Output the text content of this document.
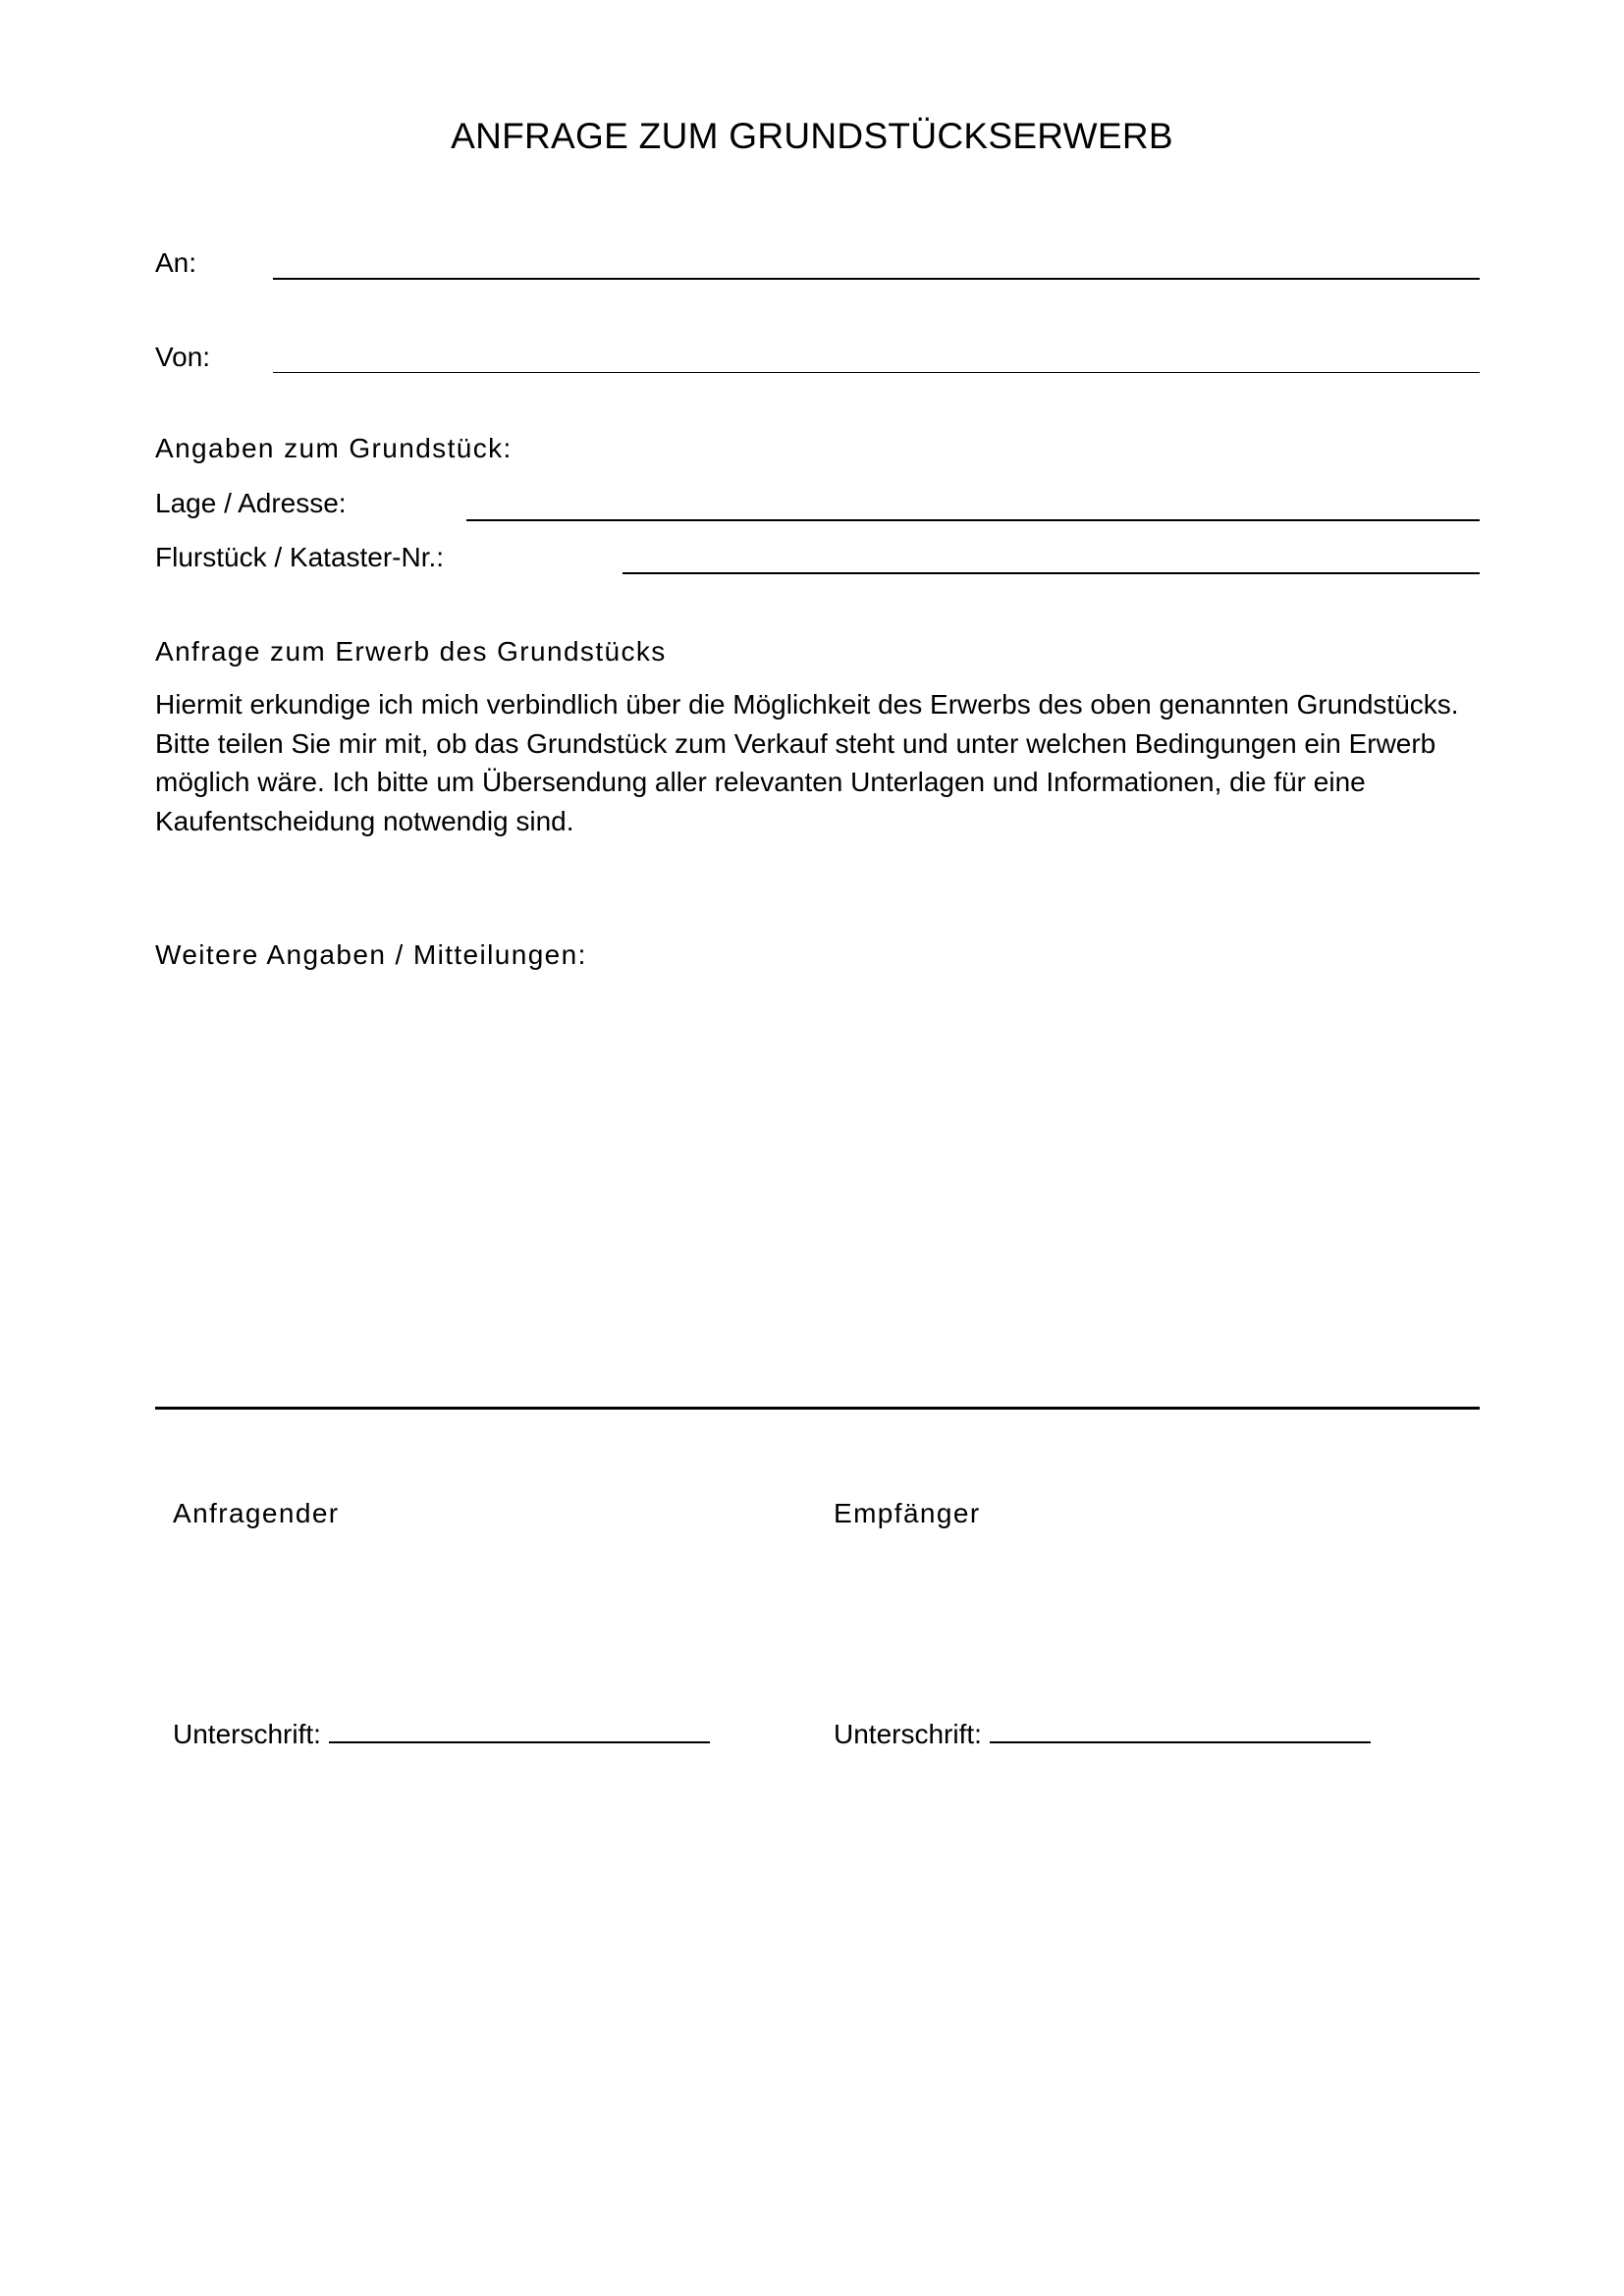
ANFRAGE ZUM GRUNDSTÜCKSERWERB
An:
Von:
Angaben zum Grundstück:
Lage / Adresse:
Flurstück / Kataster-Nr.:
Anfrage zum Erwerb des Grundstücks
Hiermit erkundige ich mich verbindlich über die Möglichkeit des Erwerbs des oben genannten Grundstücks. Bitte teilen Sie mir mit, ob das Grundstück zum Verkauf steht und unter welchen Bedingungen ein Erwerb möglich wäre. Ich bitte um Übersendung aller relevanten Unterlagen und Informationen, die für eine Kaufentscheidung notwendig sind.
Weitere Angaben / Mitteilungen:
Anfragender	Empfänger
Unterschrift:	Unterschrift:
